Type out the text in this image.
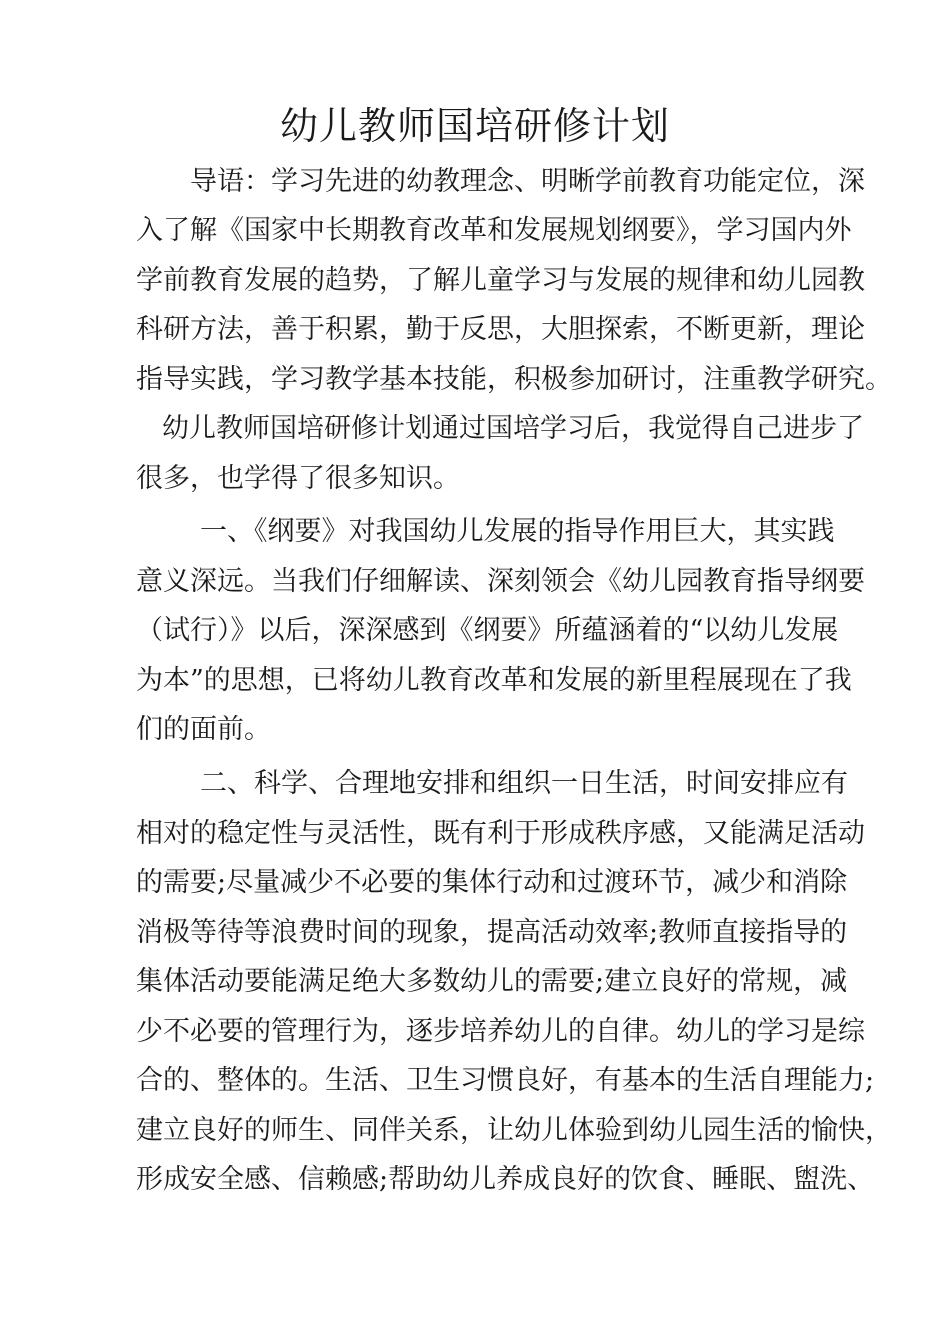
幼儿教师国培研修计划

导语：学习先进的幼教理念、明晰学前教育功能定位，深

入了解《国家中长期教育改革和发展规划纲要》，学习国内外

学前教育发展的趋势，了解儿童学习与发展的规律和幼儿园教

科研方法，善于积累，勤于反思，大胆探索，不断更新，理论

指导实践，学习教学基本技能，积极参加研讨，注重教学研究。

幼儿教师国培研修计划通过国培学习后，我觉得自己进步了

很多，也学得了很多知识。

一、《纲要》对我国幼儿发展的指导作用巨大，其实践

意义深远。当我们仔细解读、深刻领会《幼儿园教育指导纲要

（试行）》以后，深深感到《纲要》所蕴涵着的“以幼儿发展

为本”的思想，已将幼儿教育改革和发展的新里程展现在了我

们的面前。

二、科学、合理地安排和组织一日生活，时间安排应有

相对的稳定性与灵活性，既有利于形成秩序感，又能满足活动

的需要;尽量减少不必要的集体行动和过渡环节，减少和消除

消极等待等浪费时间的现象，提高活动效率;教师直接指导的

集体活动要能满足绝大多数幼儿的需要;建立良好的常规，减

少不必要的管理行为，逐步培养幼儿的自律。幼儿的学习是综

合的、整体的。生活、卫生习惯良好，有基本的生活自理能力;

建立良好的师生、同伴关系，让幼儿体验到幼儿园生活的愉快，

形成安全感、信赖感;帮助幼儿养成良好的饮食、睡眠、盥洗、
